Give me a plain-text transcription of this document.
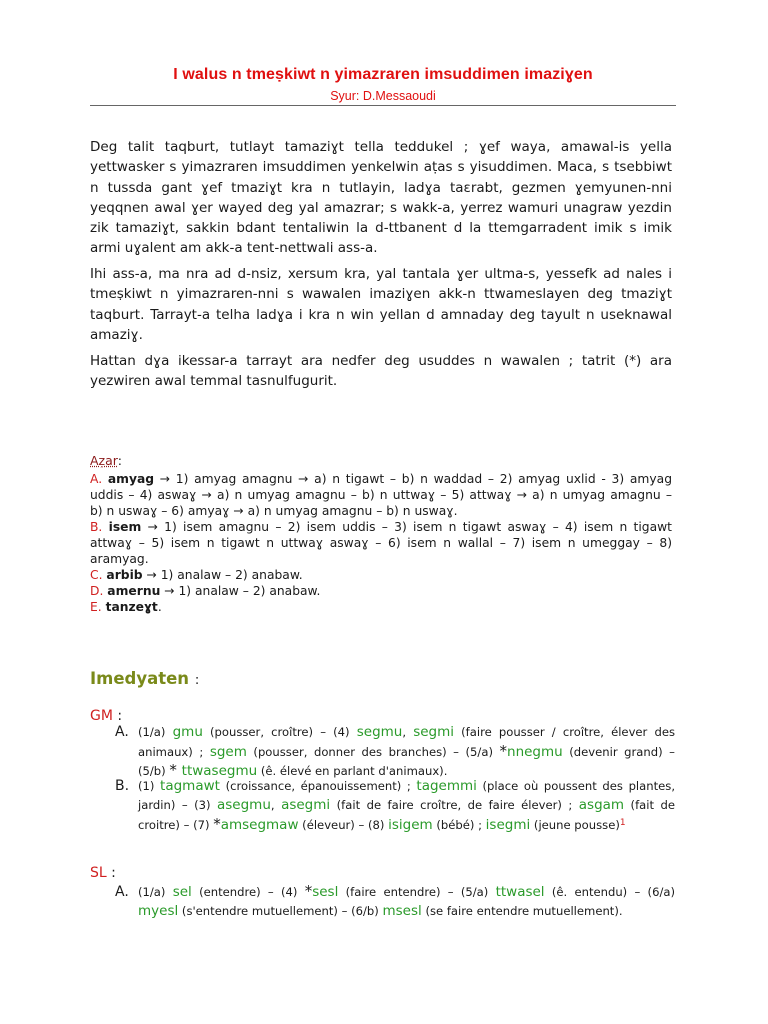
I walus n tmeṣkiwt n yimazraren imsuddimen imaziɣen
Syur: D.Messaoudi
Deg talit taqburt, tutlayt tamaziɣt tella teddukel ; ɣef waya, amawal-is yella
yettwasker s yimazraren imsuddimen yenkelwin aṭas s yisuddimen. Maca, s tsebbiwt
n tussda gant ɣef tmaziɣt kra n tutlayin, ladɣa taɛrabt, gezmen ɣemyunen-nni
yeqqnen awal ɣer wayed deg yal amazrar; s wakk-a, yerrez wamuri unagraw yezdin
zik tamaziɣt, sakkin bdant tentaliwin la d-ttbanent d la ttemgarradent imik s imik
armi uɣalent am akk-a tent-nettwali ass-a.
Ihi ass-a, ma nra ad d-nsiz, xersum kra, yal tantala ɣer ultma-s, yessefk ad nales i
tmeṣkiwt n yimazraren-nni s wawalen imaziɣen akk-n ttwameslayen deg tmaziɣt
taqburt. Tarrayt-a telha ladɣa i kra n win yellan d amnaday deg tayult n useknawal
amaziɣ.
Hattan dɣa ikessar-a tarrayt ara nedfer deg usuddes n wawalen ; tatrit (*) ara
yezwiren awal temmal tasnulfugurit.
Aẓar:
A. amyag → 1) amyag amagnu → a) n tigawt – b) n waddad – 2) amyag uxlid - 3) amyag
uddis – 4) aswaɣ → a) n umyag amagnu – b) n uttwaɣ – 5) attwaɣ → a) n umyag amagnu –
b) n uswaɣ – 6) amyaɣ → a) n umyag amagnu – b) n uswaɣ.
B. isem → 1) isem amagnu – 2) isem uddis – 3) isem n tigawt aswaɣ – 4) isem n tigawt
attwaɣ – 5) isem n tigawt n uttwaɣ aswaɣ – 6) isem n wallal – 7) isem n umeggay – 8)
aramyag.
C. arbib → 1) analaw – 2) anabaw.
D. amernu → 1) analaw – 2) anabaw.
E. tanzeɣt.
Imedyaten :
GM :
A. (1/a) gmu (pousser, croître) – (4) segmu, segmi (faire pousser / croître, élever des
animaux) ; sgem (pousser, donner des branches) – (5/a) *nnegmu (devenir grand) –
(5/b) * ttwasegmu (ê. élevé en parlant d'animaux).
B. (1) tagmawt (croissance, épanouissement) ; tagemmi (place où poussent des plantes,
jardin) – (3) asegmu, asegmi (fait de faire croître, de faire élever) ; asgam (fait de
croitre) – (7) *amsegmaw (éleveur) – (8) isigem (bébé) ; isegmi (jeune pousse)$^1$
SL :
A. (1/a) sel (entendre) – (4) *sesl (faire entendre) – (5/a) ttwasel (ê. entendu) – (6/a)
myesl (s'entendre mutuellement) – (6/b) msesl (se faire entendre mutuellement).
